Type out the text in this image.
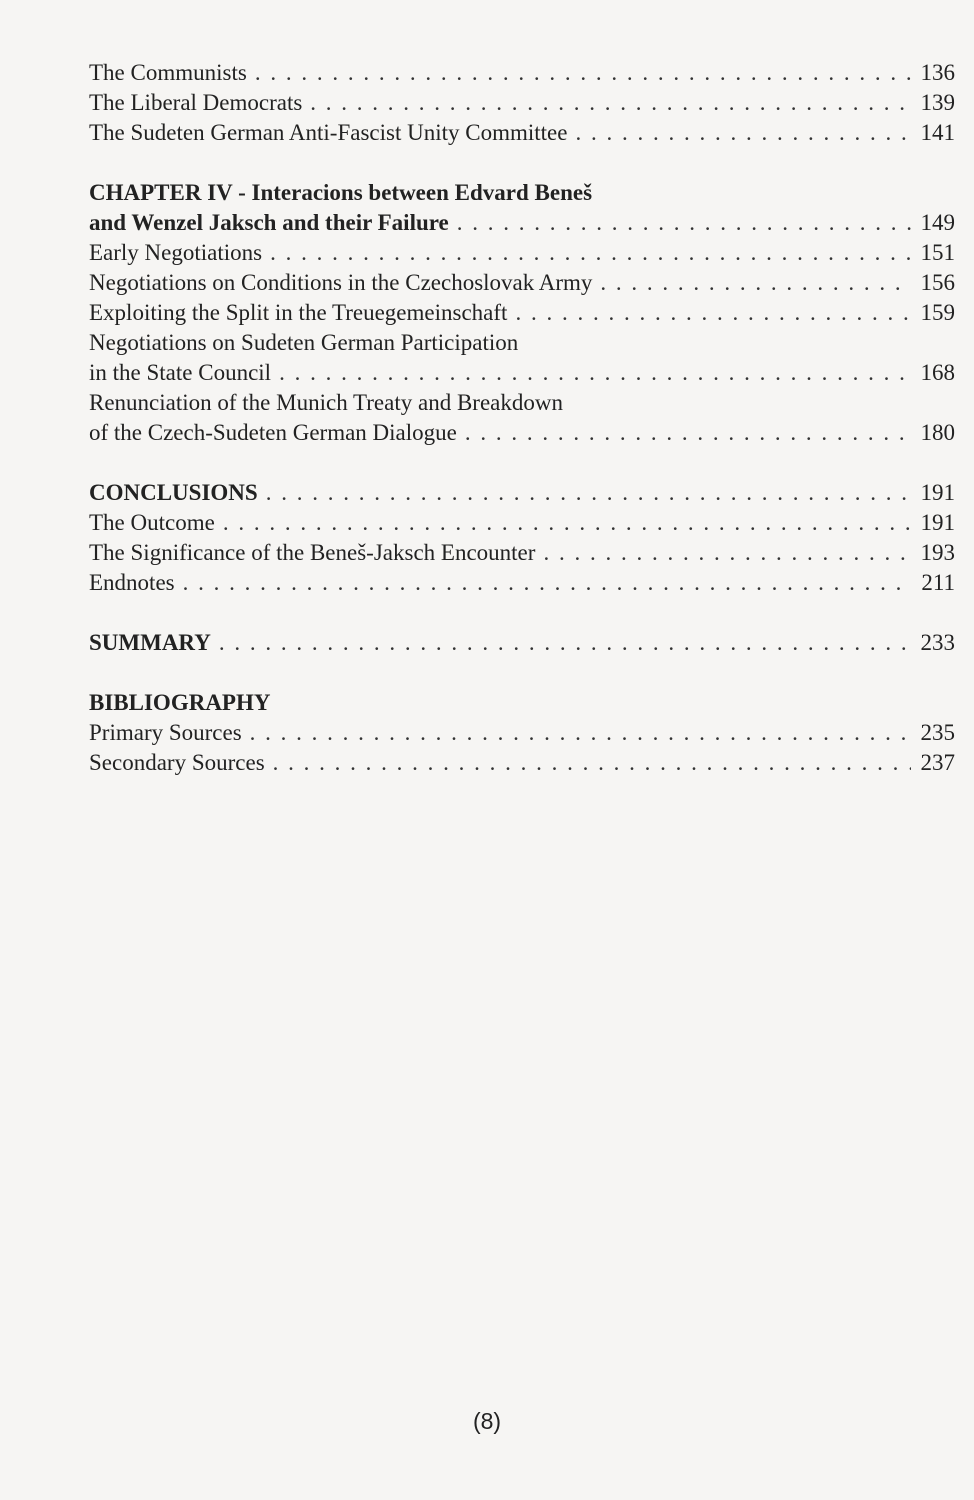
The Communists . . .	136
The Liberal Democrats . . .	139
The Sudeten German Anti-Fascist Unity Committee . . .	141
CHAPTER IV - Interacions between Edvard Beneš
and Wenzel Jaksch and their Failure . . .	149
Early Negotiations . . .	151
Negotiations on Conditions in the Czechoslovak Army . . .	156
Exploiting the Split in the Treuegemeinschaft . . .	159
Negotiations on Sudeten German Participation
in the State Council . . .	168
Renunciation of the Munich Treaty and Breakdown
of the Czech-Sudeten German Dialogue . . .	180
CONCLUSIONS . . .	191
The Outcome . . .	191
The Significance of the Beneš-Jaksch Encounter . . .	193
Endnotes . . .	211
SUMMARY . . .	233
BIBLIOGRAPHY
Primary Sources . . .	235
Secondary Sources . . .	237
(8)
